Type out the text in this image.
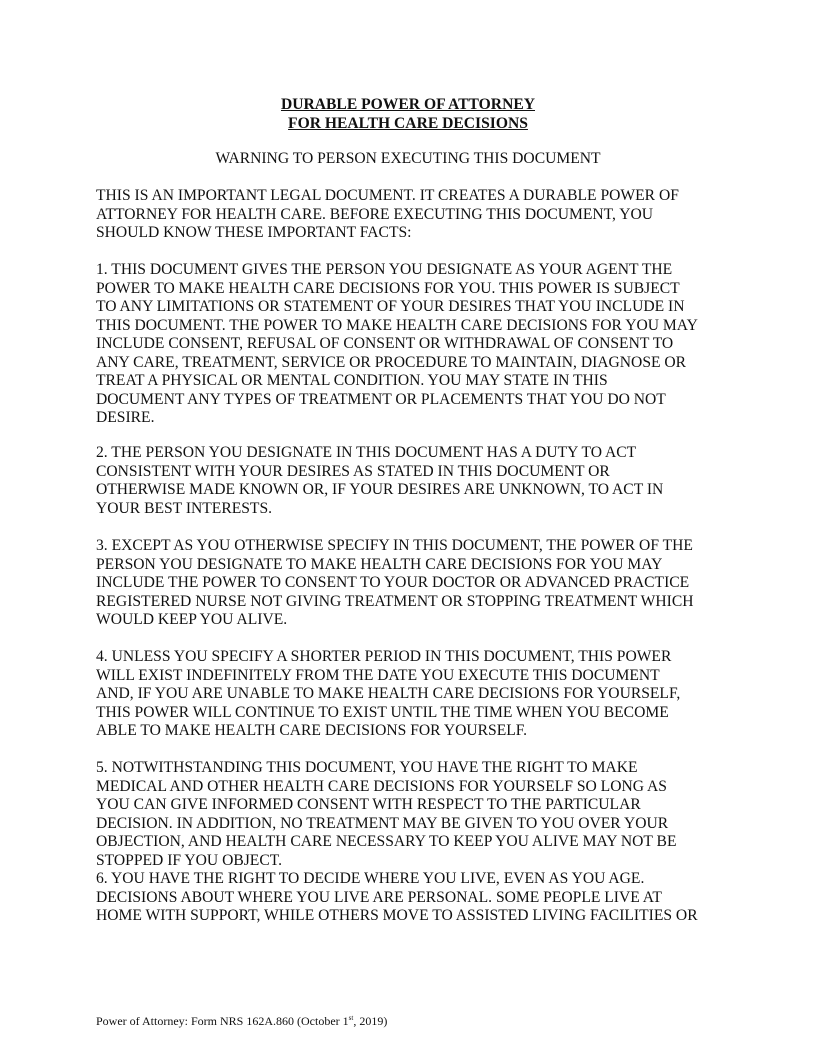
DURABLE POWER OF ATTORNEY
FOR HEALTH CARE DECISIONS
WARNING TO PERSON EXECUTING THIS DOCUMENT
THIS IS AN IMPORTANT LEGAL DOCUMENT. IT CREATES A DURABLE POWER OF
ATTORNEY FOR HEALTH CARE. BEFORE EXECUTING THIS DOCUMENT, YOU
SHOULD KNOW THESE IMPORTANT FACTS:
1. THIS DOCUMENT GIVES THE PERSON YOU DESIGNATE AS YOUR AGENT THE
POWER TO MAKE HEALTH CARE DECISIONS FOR YOU. THIS POWER IS SUBJECT
TO ANY LIMITATIONS OR STATEMENT OF YOUR DESIRES THAT YOU INCLUDE IN
THIS DOCUMENT. THE POWER TO MAKE HEALTH CARE DECISIONS FOR YOU MAY
INCLUDE CONSENT, REFUSAL OF CONSENT OR WITHDRAWAL OF CONSENT TO
ANY CARE, TREATMENT, SERVICE OR PROCEDURE TO MAINTAIN, DIAGNOSE OR
TREAT A PHYSICAL OR MENTAL CONDITION. YOU MAY STATE IN THIS
DOCUMENT ANY TYPES OF TREATMENT OR PLACEMENTS THAT YOU DO NOT
DESIRE.
2. THE PERSON YOU DESIGNATE IN THIS DOCUMENT HAS A DUTY TO ACT
CONSISTENT WITH YOUR DESIRES AS STATED IN THIS DOCUMENT OR
OTHERWISE MADE KNOWN OR, IF YOUR DESIRES ARE UNKNOWN, TO ACT IN
YOUR BEST INTERESTS.
3. EXCEPT AS YOU OTHERWISE SPECIFY IN THIS DOCUMENT, THE POWER OF THE
PERSON YOU DESIGNATE TO MAKE HEALTH CARE DECISIONS FOR YOU MAY
INCLUDE THE POWER TO CONSENT TO YOUR DOCTOR OR ADVANCED PRACTICE
REGISTERED NURSE NOT GIVING TREATMENT OR STOPPING TREATMENT WHICH
WOULD KEEP YOU ALIVE.
4. UNLESS YOU SPECIFY A SHORTER PERIOD IN THIS DOCUMENT, THIS POWER
WILL EXIST INDEFINITELY FROM THE DATE YOU EXECUTE THIS DOCUMENT
AND, IF YOU ARE UNABLE TO MAKE HEALTH CARE DECISIONS FOR YOURSELF,
THIS POWER WILL CONTINUE TO EXIST UNTIL THE TIME WHEN YOU BECOME
ABLE TO MAKE HEALTH CARE DECISIONS FOR YOURSELF.
5. NOTWITHSTANDING THIS DOCUMENT, YOU HAVE THE RIGHT TO MAKE
MEDICAL AND OTHER HEALTH CARE DECISIONS FOR YOURSELF SO LONG AS
YOU CAN GIVE INFORMED CONSENT WITH RESPECT TO THE PARTICULAR
DECISION. IN ADDITION, NO TREATMENT MAY BE GIVEN TO YOU OVER YOUR
OBJECTION, AND HEALTH CARE NECESSARY TO KEEP YOU ALIVE MAY NOT BE
STOPPED IF YOU OBJECT.
6. YOU HAVE THE RIGHT TO DECIDE WHERE YOU LIVE, EVEN AS YOU AGE.
DECISIONS ABOUT WHERE YOU LIVE ARE PERSONAL. SOME PEOPLE LIVE AT
HOME WITH SUPPORT, WHILE OTHERS MOVE TO ASSISTED LIVING FACILITIES OR
Power of Attorney: Form NRS 162A.860 (October 1st, 2019)
